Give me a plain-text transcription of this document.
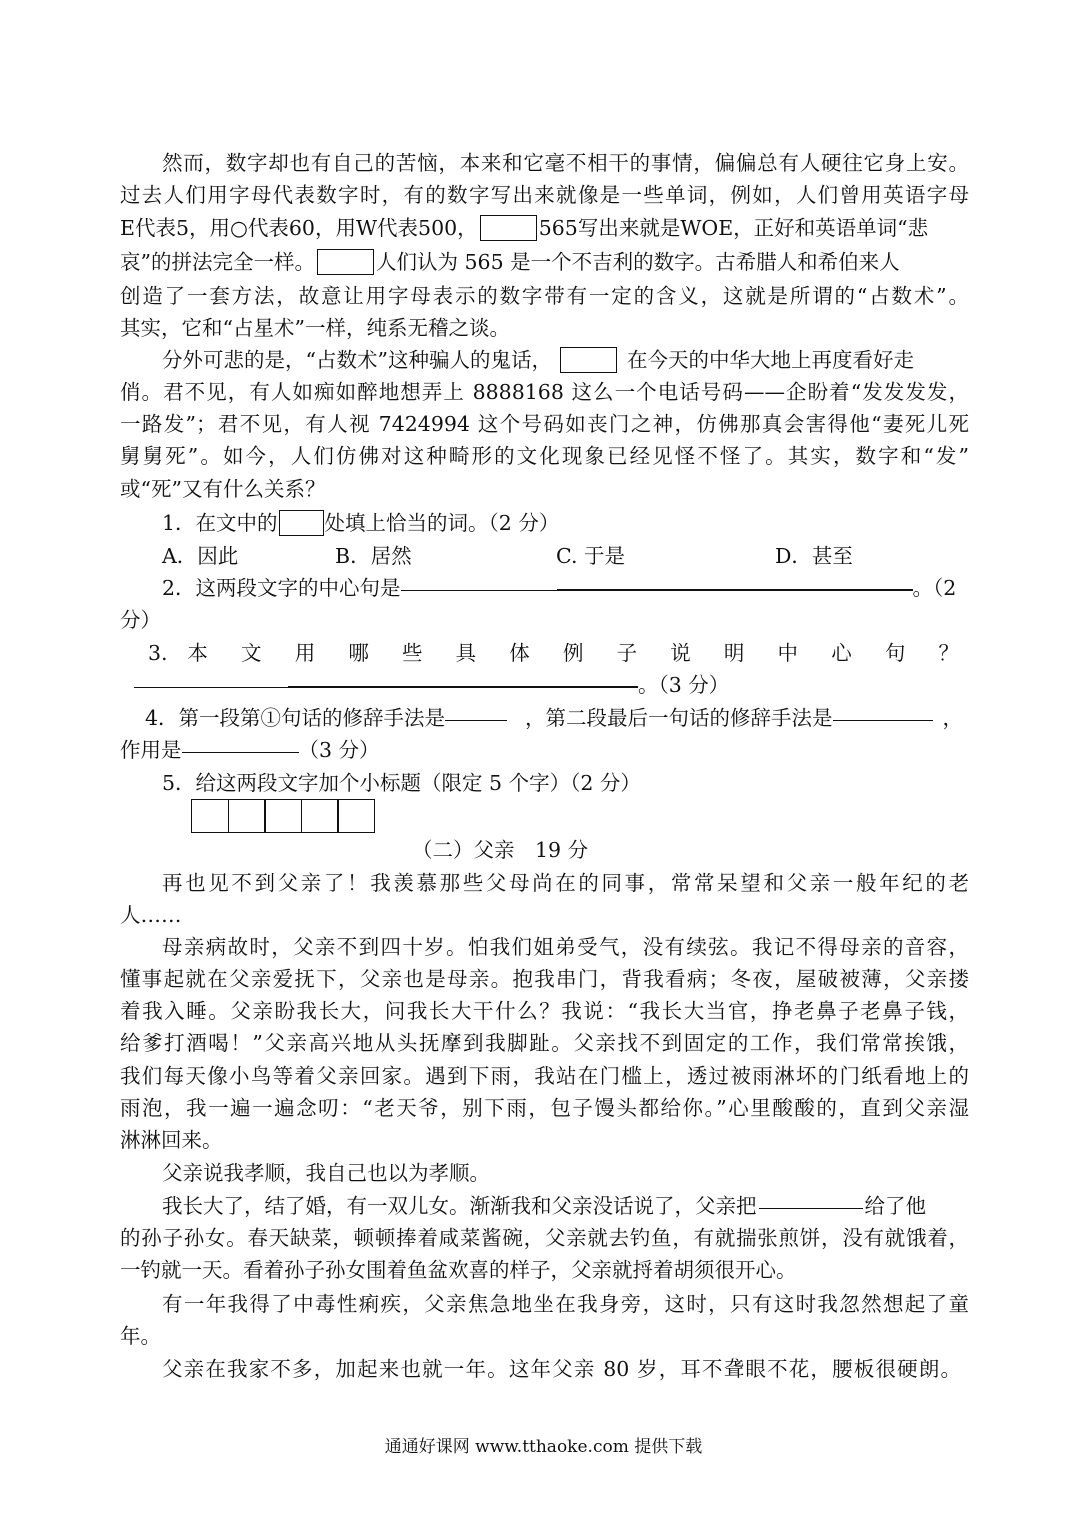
然而，数字却也有自己的苦恼，本来和它毫不相干的事情，偏偏总有人硬往它身上安。
过去人们用字母代表数字时，有的数字写出来就像是一些单词，例如，人们曾用英语字母
E代表5，用○代表60，用W代表500，	565写出来就是WOE，正好和英语单词“悲
哀”的拼法完全一样。	人们认为 565 是一个不吉利的数字。古希腊人和希伯来人
创造了一套方法，故意让用字母表示的数字带有一定的含义，这就是所谓的“占数术”。
其实，它和“占星术”一样，纯系无稽之谈。
分外可悲的是，“占数术”这种骗人的鬼话，	在今天的中华大地上再度看好走
俏。君不见，有人如痴如醉地想弄上 8888168 这么一个电话号码——企盼着“发发发发，
一路发”；君不见，有人视 7424994 这个号码如丧门之神，仿佛那真会害得他“妻死儿死
舅舅死”。如今，人们仿佛对这种畸形的文化现象已经见怪不怪了。其实，数字和“发”
或“死”又有什么关系？
1．在文中的 处填上恰当的词。（2 分）
A．因此	B．居然	C. 于是	D．甚至
2．这两段文字的中心句是	。（2
分）
3. 本 文 用 哪 些 具 体 例 子 说 明 中 心 句 ？
。（3 分）
4．第一段第①句话的修辞手法是	，第二段最后一句话的修辞手法是	，
作用是	（3 分）
5．给这两段文字加个小标题（限定 5 个字）（2 分）
（二）父亲　19 分
再也见不到父亲了！我羡慕那些父母尚在的同事，常常呆望和父亲一般年纪的老
人……
母亲病故时，父亲不到四十岁。怕我们姐弟受气，没有续弦。我记不得母亲的音容，
懂事起就在父亲爱抚下，父亲也是母亲。抱我串门，背我看病；冬夜，屋破被薄，父亲搂
着我入睡。父亲盼我长大，问我长大干什么？我说：“我长大当官，挣老鼻子老鼻子钱，
给爹打酒喝！”父亲高兴地从头抚摩到我脚趾。父亲找不到固定的工作，我们常常挨饿，
我们每天像小鸟等着父亲回家。遇到下雨，我站在门槛上，透过被雨淋坏的门纸看地上的
雨泡，我一遍一遍念叨：“老天爷，别下雨，包子馒头都给你。”心里酸酸的，直到父亲湿
淋淋回来。
父亲说我孝顺，我自己也以为孝顺。
我长大了，结了婚，有一双儿女。渐渐我和父亲没话说了，父亲把	给了他
的孙子孙女。春天缺菜，顿顿捧着咸菜酱碗，父亲就去钓鱼，有就揣张煎饼，没有就饿着，
一钓就一天。看着孙子孙女围着鱼盆欢喜的样子，父亲就捋着胡须很开心。
有一年我得了中毒性痢疾，父亲焦急地坐在我身旁，这时，只有这时我忽然想起了童
年。
父亲在我家不多，加起来也就一年。这年父亲 80 岁，耳不聋眼不花，腰板很硬朗。
通通好课网 www.tthaoke.com 提供下载
